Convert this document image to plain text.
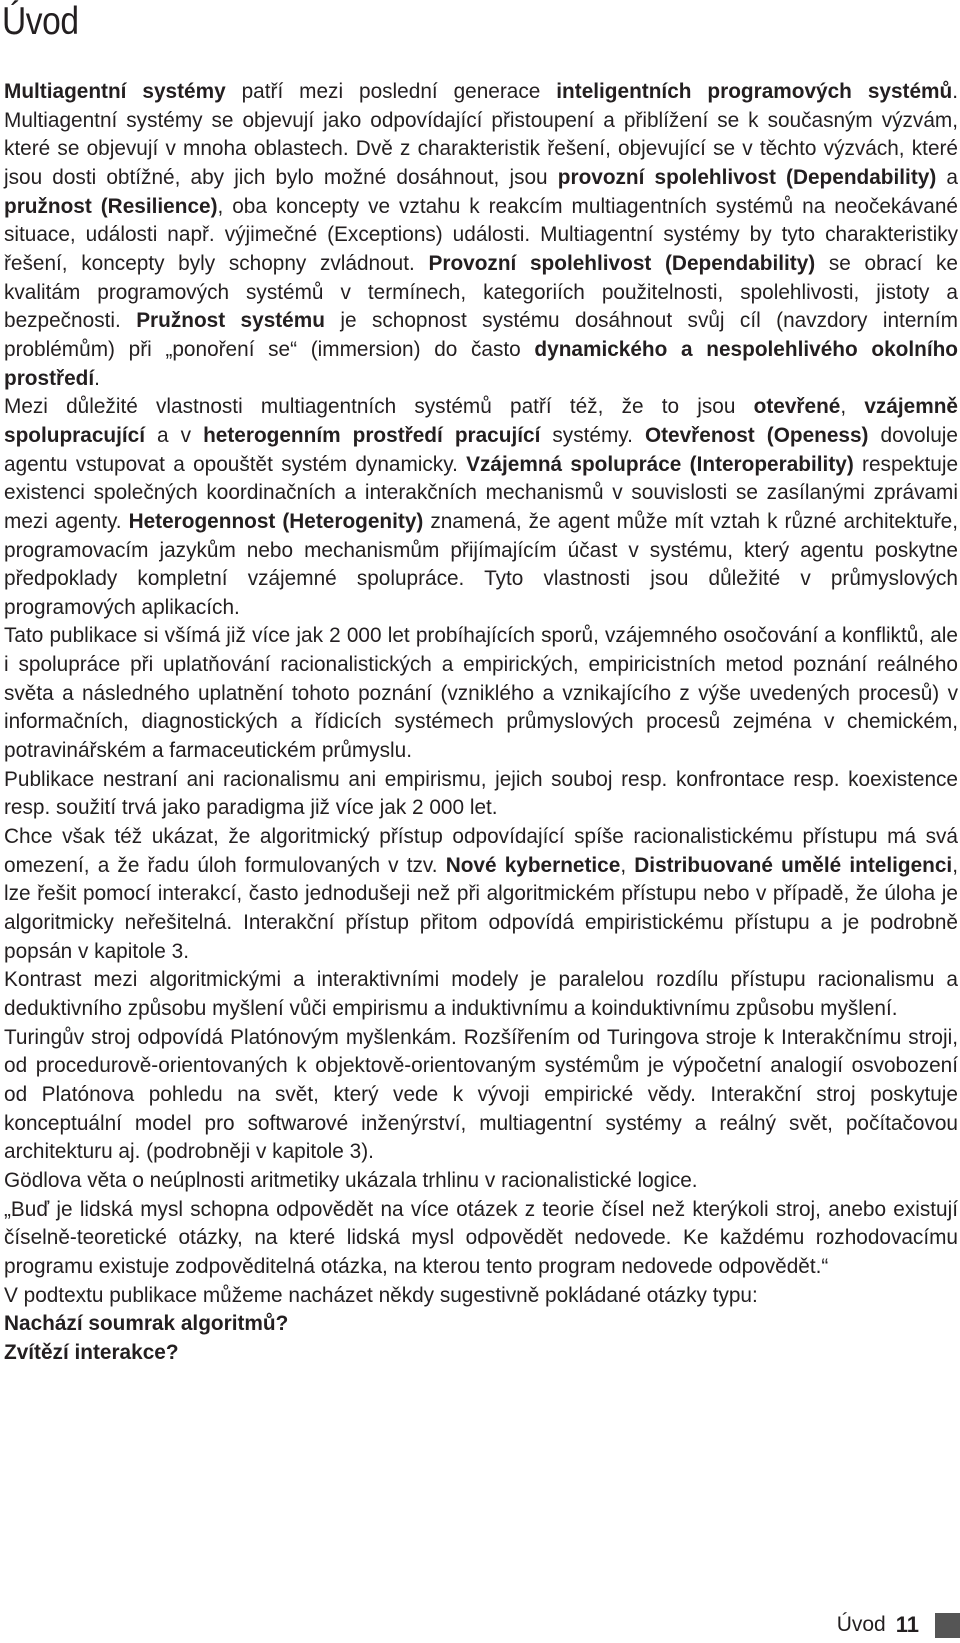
Úvod

Multiagentní systémy patří mezi poslední generace inteligentních programových systémů. Multiagentní systémy se objevují jako odpovídající přistoupení a přiblížení se k současným výzvám, které se objevují v mnoha oblastech. Dvě z charakteristik řešení, objevující se v těchto výzvách, které jsou dosti obtížné, aby jich bylo možné dosáhnout, jsou provozní spolehlivost (Dependability) a pružnost (Resilience), oba koncepty ve vztahu k reakcím multiagentních systémů na neočekávané situace, události např. výjimečné (Exceptions) události. Multiagentní systémy by tyto charakteristiky řešení, koncepty byly schopny zvládnout. Provozní spolehlivost (Dependability) se obrací ke kvalitám programových systémů v termínech, kategoriích použitelnosti, spolehlivosti, jistoty a bezpečnosti. Pružnost systému je schopnost systému dosáhnout svůj cíl (navzdory interním problémům) při „ponoření se“ (immersion) do často dynamického a nespolehlivého okolního prostředí.

Mezi důležité vlastnosti multiagentních systémů patří též, že to jsou otevřené, vzájemně spolupracující a v heterogenním prostředí pracující systémy. Otevřenost (Openess) dovoluje agentu vstupovat a opouštět systém dynamicky. Vzájemná spolupráce (Interoperability) respektuje existenci společných koordinačních a interakčních mechanismů v souvislosti se zasílanými zprávami mezi agenty. Heterogennost (Heterogenity) znamená, že agent může mít vztah k různé architektuře, programovacím jazykům nebo mechanismům přijímajícím účast v systému, který agentu poskytne předpoklady kompletní vzájemné spolupráce. Tyto vlastnosti jsou důležité v průmyslových programových aplikacích.

Tato publikace si všímá již více jak 2 000 let probíhajících sporů, vzájemného osočování a konfliktů, ale i spolupráce při uplatňování racionalistických a empirických, empiricistních metod poznání reálného světa a následného uplatnění tohoto poznání (vzniklého a vznikajícího z výše uvedených procesů) v informačních, diagnostických a řídicích systémech průmyslových procesů zejména v chemickém, potravinářském a farmaceutickém průmyslu.

Publikace nestraní ani racionalismu ani empirismu, jejich souboj resp. konfrontace resp. koexistence resp. soužití trvá jako paradigma již více jak 2 000 let.

Chce však též ukázat, že algoritmický přístup odpovídající spíše racionalistickému přístupu má svá omezení, a že řadu úloh formulovaných v tzv. Nové kybernetice, Distribuované umělé inteligenci, lze řešit pomocí interakcí, často jednodušeji než při algoritmickém přístupu nebo v případě, že úloha je algoritmicky neřešitelná. Interakční přístup přitom odpovídá empiristickému přístupu a je podrobně popsán v kapitole 3.

Kontrast mezi algoritmickými a interaktivními modely je paralelou rozdílu přístupu racionalismu a deduktivního způsobu myšlení vůči empirismu a induktivnímu a koinduktivnímu způsobu myšlení.

Turingův stroj odpovídá Platónovým myšlenkám. Rozšířením od Turingova stroje k Interakčnímu stroji, od procedurově-orientovaných k objektově-orientovaným systémům je výpočetní analogií osvobození od Platónova pohledu na svět, který vede k vývoji empirické vědy. Interakční stroj poskytuje konceptuální model pro softwarové inženýrství, multiagentní systémy a reálný svět, počítačovou architekturu aj. (podrobněji v kapitole 3).

Gödlova věta o neúplnosti aritmetiky ukázala trhlinu v racionalistické logice.

„Buď je lidská mysl schopna odpovědět na více otázek z teorie čísel než kterýkoli stroj, anebo existují číselně-teoretické otázky, na které lidská mysl odpovědět nedovede. Ke každému rozhodovacímu programu existuje zodpověditelná otázka, na kterou tento program nedovede odpovědět.“

V podtextu publikace můžeme nacházet někdy sugestivně pokládané otázky typu:

Nachází soumrak algoritmů?

Zvítězí interakce?

Úvod 11
